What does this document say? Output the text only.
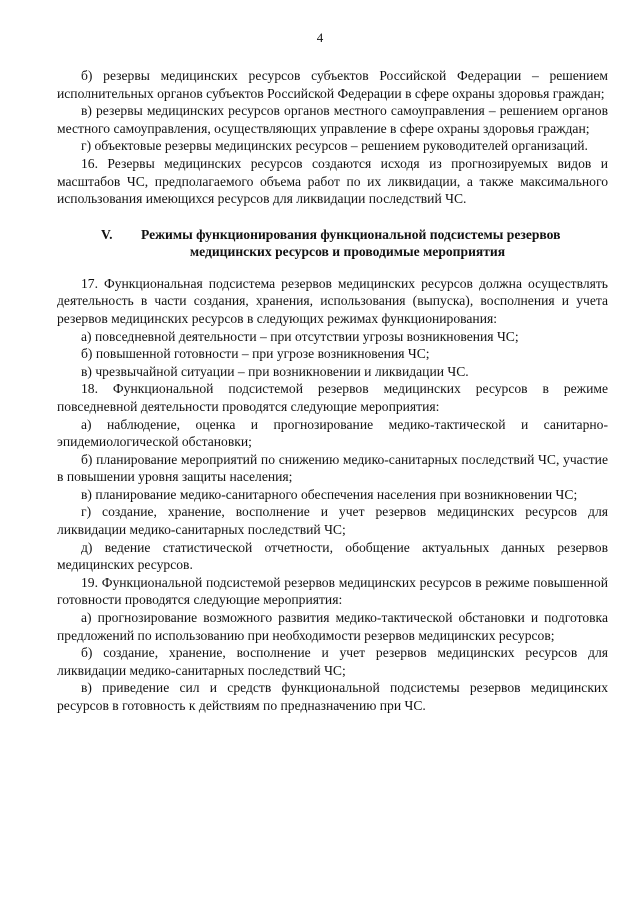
4

б) резервы медицинских ресурсов субъектов Российской Федерации – решением исполнительных органов субъектов Российской Федерации в сфере охраны здоровья граждан;

в) резервы медицинских ресурсов органов местного самоуправления – решением органов местного самоуправления, осуществляющих управление в сфере охраны здоровья граждан;

г) объектовые резервы медицинских ресурсов – решением руководителей организаций.

16. Резервы медицинских ресурсов создаются исходя из прогнозируемых видов и масштабов ЧС, предполагаемого объема работ по их ликвидации, а также максимального использования имеющихся ресурсов для ликвидации последствий ЧС.

V. Режимы функционирования функциональной подсистемы резервов
медицинских ресурсов и проводимые мероприятия

17. Функциональная подсистема резервов медицинских ресурсов должна осуществлять деятельность в части создания, хранения, использования (выпуска), восполнения и учета резервов медицинских ресурсов в следующих режимах функционирования:

а) повседневной деятельности – при отсутствии угрозы возникновения ЧС;

б) повышенной готовности – при угрозе возникновения ЧС;

в) чрезвычайной ситуации – при возникновении и ликвидации ЧС.

18. Функциональной подсистемой резервов медицинских ресурсов в режиме повседневной деятельности проводятся следующие мероприятия:

а) наблюдение, оценка и прогнозирование медико-тактической и санитарно-эпидемиологической обстановки;

б) планирование мероприятий по снижению медико-санитарных последствий ЧС, участие в повышении уровня защиты населения;

в) планирование медико-санитарного обеспечения населения при возникновении ЧС;

г) создание, хранение, восполнение и учет резервов медицинских ресурсов для ликвидации медико-санитарных последствий ЧС;

д) ведение статистической отчетности, обобщение актуальных данных резервов медицинских ресурсов.

19. Функциональной подсистемой резервов медицинских ресурсов в режиме повышенной готовности проводятся следующие мероприятия:

а) прогнозирование возможного развития медико-тактической обстановки и подготовка предложений по использованию при необходимости резервов медицинских ресурсов;

б) создание, хранение, восполнение и учет резервов медицинских ресурсов для ликвидации медико-санитарных последствий ЧС;

в) приведение сил и средств функциональной подсистемы резервов медицинских ресурсов в готовность к действиям по предназначению при ЧС.
